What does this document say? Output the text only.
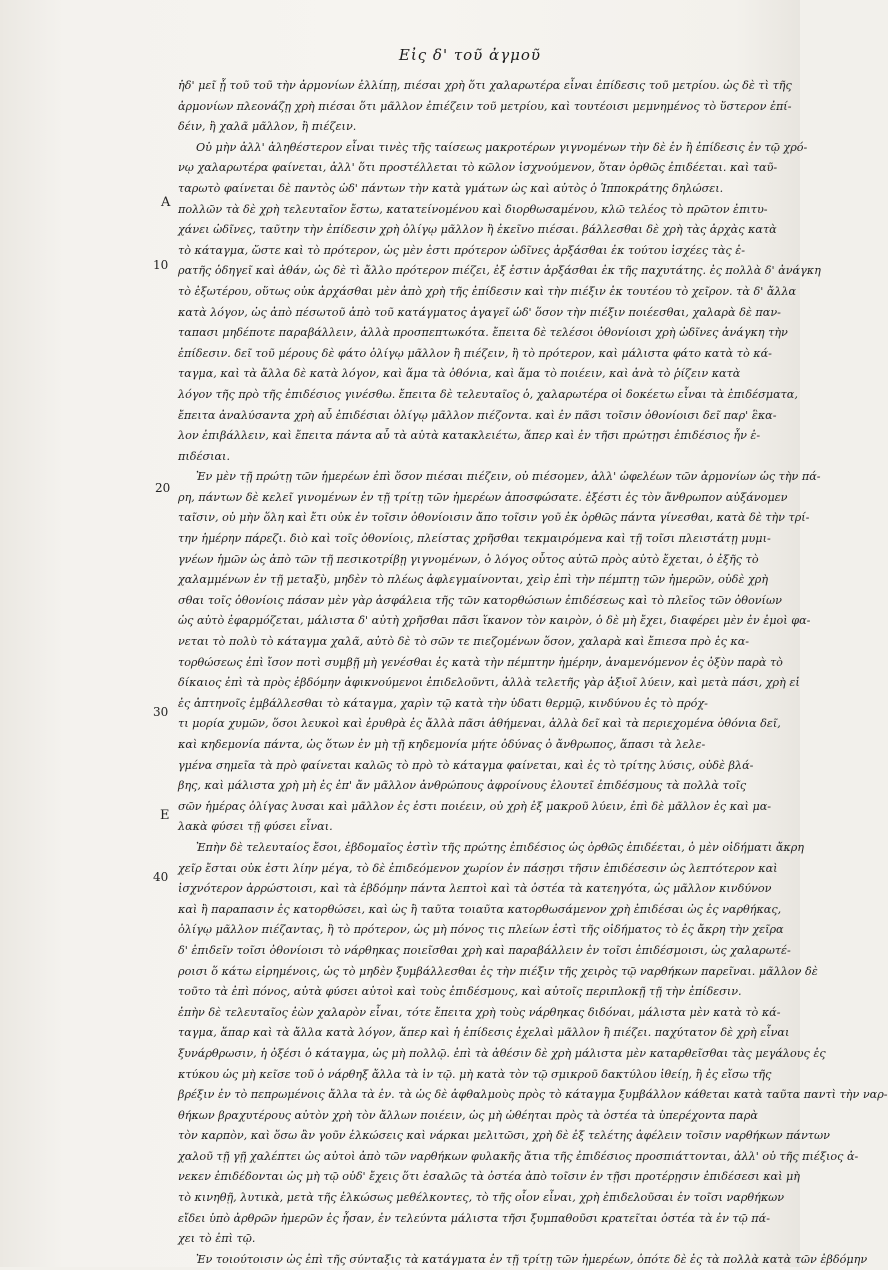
Εἰς δ' τοῦ ἀγμοῦ
A
10
20
30
E
40
ἠδ' μεῖ ᾗ τοῦ τοῦ τὴν ἀρμονίων ἐλλίπῃ, πιέσαι χρὴ ὅτι χαλαρωτέρα εἶναι ἐπίδεσις τοῦ μετρίου. ὡς δὲ τὶ τῆς
ἀρμονίων πλεονάζῃ χρὴ πιέσαι ὅτι μᾶλλον ἐπιέζειν τοῦ μετρίου, καὶ τουτέοισι μεμνημένος τὸ ὕστερον ἐπί-
δέιν, ἢ χαλᾶ μᾶλλον, ἢ πιέζειν.
Οὐ μὴν ἀλλ' ἀληθέστερον εἶναι τινὲς τῆς ταίσεως μακροτέρων γιγνομένων τὴν δὲ ἐν ἢ ἐπίδεσις ἐν τῷ χρό-
νῳ χαλαρωτέρα φαίνεται, ἀλλ' ὅτι προστέλλεται τὸ κῶλον ἰσχνούμενον, ὅταν ὀρθῶς ἐπιδέεται. καὶ ταῦ-
ταρωτὸ φαίνεται δὲ παντὸς ὡδ' πάντων τὴν κατὰ γμάτων ὡς καὶ αὐτὸς ὁ Ἱπποκράτης δηλώσει.
πολλῶν τὰ δὲ χρὴ τελευταῖον ἔστω, κατατείνομένου καὶ διορθωσαμένου, κλῶ τελέος τὸ πρῶτον ἐπιτυ-
χάνει ὠδῖνες, ταῦτην τὴν ἐπίδεσιν χρὴ ὀλίγῳ μᾶλλον ἢ ἐκεῖνο πιέσαι. βάλλεσθαι δὲ χρὴ τὰς ἀρχὰς κατὰ
τὸ κάταγμα, ὥστε καὶ τὸ πρότερον, ὡς μὲν ἐστι πρότερον ὠδῖνες ἀρξάσθαι ἐκ τούτου ἰσχέες τὰς ἐ-
ρατῆς ὁδηγεῖ καὶ ἀθάν, ὡς δὲ τὶ ἄλλο πρότερον πιέζει, ἐξ ἐστιν ἀρξάσθαι ἐκ τῆς παχυτάτης. ἐς πολλὰ δ' ἀνάγκη
τὸ ἐξωτέρου, οὕτως οὐκ ἀρχάσθαι μὲν ἀπὸ χρὴ τῆς ἐπίδεσιν καὶ τὴν πιέξιν ἐκ τουτέου τὸ χεῖρον. τὰ δ' ἄλλα
κατὰ λόγον, ὡς ἀπὸ πέσωτοῦ ἀπὸ τοῦ κατάγματος ἀγαγεῖ ὡδ' ὅσον τὴν πιέξιν ποιέεσθαι, χαλαρὰ δὲ παν-
ταπασι μηδέποτε παραβάλλειν, ἀλλὰ προσπεπτωκότα. ἔπειτα δὲ τελέσοι ὀθονίοισι χρὴ ὠδῖνες ἀνάγκη τὴν
ἐπίδεσιν. δεῖ τοῦ μέρους δὲ φάτο ὀλίγῳ μᾶλλον ἢ πιέζειν, ἢ τὸ πρότερον, καὶ μάλιστα φάτο κατὰ τὸ κά-
ταγμα, καὶ τὰ ἄλλα δὲ κατὰ λόγον, καὶ ἅμα τὰ ὀθόνια, καὶ ἅμα τὸ ποιέειν, καὶ ἀνὰ τὸ ῥίζειν κατὰ
λόγον τῆς πρὸ τῆς ἐπιδέσιος γινέσθω. ἔπειτα δὲ τελευταῖος ὁ, χαλαρωτέρα οἱ δοκέετω εἶναι τὰ ἐπιδέσματα,
ἔπειτα ἀναλύσαντα χρὴ αὖ ἐπιδέσιαι ὀλίγῳ μᾶλλον πιέζοντα. καὶ ἐν πᾶσι τοῖσιν ὀθονίοισι δεῖ παρ' ἓκα-
λον ἐπιβάλλειν, καὶ ἔπειτα πάντα αὖ τὰ αὐτὰ κατακλειέτω, ἅπερ καὶ ἐν τῆσι πρώτῃσι ἐπιδέσιος ἦν ἐ-
πιδέσιαι.
Ἐν μὲν τῇ πρώτῃ τῶν ἡμερέων ἐπὶ ὅσον πιέσαι πιέζειν, οὐ πιέσομεν, ἀλλ' ὠφελέων τῶν ἀρμονίων ὡς τὴν πά-
ρη, πάντων δὲ κελεῖ γινομένων ἐν τῇ τρίτῃ τῶν ἡμερέων ἀποσφώσατε. ἐξέστι ἐς τὸν ἄνθρωπον αὐξάνομεν
ταῖσιν, οὐ μὴν ὅλη καὶ ἔτι οὐκ ἐν τοῖσιν ὀθονίοισιν ἄπο τοῖσιν γοῦ ἐκ ὀρθῶς πάντα γίνεσθαι, κατὰ δὲ τὴν τρί-
την ἡμέρην πάρεζι. διὸ καὶ τοῖς ὀθονίοις, πλείστας χρῆσθαι τεκμαιρόμενα καὶ τῇ τοῖσι πλειστάτῃ μυμι-
γνέων ἡμῶν ὡς ἀπὸ τῶν τῇ πεσικοτρίβῃ γιγνομένων, ὁ λόγος οὗτος αὐτῶ πρὸς αὐτὸ ἔχεται, ὁ ἐξῆς τὸ
χαλαμμένων ἐν τῇ μεταξὺ, μηδὲν τὸ πλέως ἀφλεγμαίνονται, χεὶρ ἐπὶ τὴν πέμπτῃ τῶν ἡμερῶν, οὐδὲ χρὴ
σθαι τοῖς ὀθονίοις πάσαν μὲν γὰρ ἀσφάλεια τῆς τῶν κατορθώσιων ἐπιδέσεως καὶ τὸ πλεῖος τῶν ὀθονίων
ὡς αὐτὸ ἐφαρμόζεται, μάλιστα δ' αὐτὴ χρῆσθαι πᾶσι ἵκανον τὸν καιρὸν, ὁ δὲ μὴ ἔχει, διαφέρει μὲν ἐν ἐμοὶ φα-
νεται τὸ πολὺ τὸ κάταγμα χαλᾶ, αὐτὸ δὲ τὸ σῶν τε πιεζομένων ὅσον, χαλαρὰ καὶ ἔπιεσα πρὸ ἐς κα-
τορθώσεως ἐπὶ ἴσον ποτὶ συμβῇ μὴ γενέσθαι ἐς κατὰ τὴν πέμπτην ἡμέρην, ἀναμενόμενον ἐς ὀξὺν παρὰ τὸ
δίκαιος ἐπὶ τὰ πρὸς ἐβδόμην ἀφικνούμενοι ἐπιδελοῦντι, ἀλλὰ τελετῆς γὰρ ἀξιοῖ λύειν, καὶ μετὰ πάσι, χρὴ εἰ
ἐς ἀπτηνοῖς ἐμβάλλεσθαι τὸ κάταγμα, χαρὶν τῷ κατὰ τὴν ὑδατι θερμῷ, κινδύνου ἐς τὸ πρόχ-
τι μορία χυμῶν, ὅσοι λευκοὶ καὶ ἐρυθρὰ ἐς ἄλλὰ πᾶσι ἀθήμεναι, ἀλλὰ δεῖ καὶ τὰ περιεχομένα ὀθόνια δεῖ,
καὶ κηδεμονία πάντα, ὡς ὅτων ἐν μὴ τῇ κηδεμονία μήτε ὀδύνας ὁ ἄνθρωπος, ἅπασι τὰ λελε-
γμένα σημεῖα τὰ πρὸ φαίνεται καλῶς τὸ πρὸ τὸ κάταγμα φαίνεται, καὶ ἐς τὸ τρίτης λύσις, οὐδὲ βλά-
βης, καὶ μάλιστα χρὴ μὴ ἐς ἐπ' ἄν μᾶλλον ἀνθρώπους ἀφροίνους ἐλουτεῖ ἐπιδέσμους τὰ πολλὰ τοῖς
σῶν ἡμέρας ὀλίγας λυσαι καὶ μᾶλλον ἐς ἐστι ποιέειν, οὐ χρὴ ἐξ μακροῦ λύειν, ἐπὶ δὲ μᾶλλον ἐς καὶ μα-
λακὰ φύσει τῇ φύσει εἶναι.
Ἐπὴν δὲ τελευταίος ἔσοι, ἐβδομαῖος ἐστὶν τῆς πρώτης ἐπιδέσιος ὡς ὀρθῶς ἐπιδέεται, ὁ μὲν οἰδήματι ἄκρη
χεῖρ ἔσται οὐκ ἐστι λίην μέγα, τὸ δὲ ἐπιδεόμενον χωρίον ἐν πάσῃσι τῆσιν ἐπιδέσεσιν ὡς λεπτότερον καὶ
ἰσχνότερον ἀρρώστοισι, καὶ τὰ ἐβδόμην πάντα λεπτοὶ καὶ τὰ ὀστέα τὰ κατεηγότα, ὡς μᾶλλον κινδύνον
καὶ ἢ παραπασιν ἐς κατορθώσει, καὶ ὡς ἢ ταῦτα τοιαῦτα κατορθωσάμενον χρὴ ἐπιδέσαι ὡς ἐς ναρθήκας,
ὀλίγῳ μᾶλλον πιέζαντας, ἢ τὸ πρότερον, ὡς μὴ πόνος τις πλείων ἐστὶ τῆς οἰδήματος τὸ ἐς ἄκρη τὴν χεῖρα
δ' ἐπιδεῖν τοῖσι ὀθονίοισι τὸ νάρθηκας ποιεῖσθαι χρὴ καὶ παραβάλλειν ἐν τοῖσι ἐπιδέσμοισι, ὡς χαλαρωτέ-
ροισι ὅ κάτω εἰρημένοις, ὡς τὸ μηδὲν ξυμβάλλεσθαι ἐς τὴν πιέξιν τῆς χειρὸς τῷ ναρθήκων παρεῖναι. μᾶλλον δὲ
τοῦτο τὰ ἐπὶ πόνος, αὐτὰ φύσει αὐτοὶ καὶ τοὺς ἐπιδέσμους, καὶ αὐτοῖς περιπλοκῇ τῇ τὴν ἐπίδεσιν.
ἐπὴν δὲ τελευταῖος ἐὼν χαλαρὸν εἶναι, τότε ἔπειτα χρὴ τοὺς νάρθηκας διδόναι, μάλιστα μὲν κατὰ τὸ κά-
ταγμα, ἅπαρ καὶ τὰ ἄλλα κατὰ λόγον, ἅπερ καὶ ἡ ἐπίδεσις ἐχελαὶ μᾶλλον ἢ πιέζει. παχύτατον δὲ χρὴ εἶναι
ξυνάρθρωσιν, ἡ ὀξέσι ὁ κάταγμα, ὡς μὴ πολλῷ. ἐπὶ τὰ ἀθέσιν δὲ χρὴ μάλιστα μὲν καταρθεῖσθαι τὰς μεγάλους ἐς
κτύκου ὡς μὴ κεῖσε τοῦ ὁ νάρθηξ ἄλλα τὰ ἰν τῷ. μὴ κατὰ τὸν τῷ σμικροῦ δακτύλου ἰθείῃ, ἢ ἐς εἴσω τῆς
βρέξιν ἐν τὸ πεπρωμένοις ἄλλα τὰ ἐν. τὰ ὡς δὲ ἀφθαλμοὺς πρὸς τὸ κάταγμα ξυμβάλλον κάθεται κατὰ ταῦτα παντὶ τὴν ναρ-
θήκων βραχυτέρους αὐτὸν χρὴ τὸν ἄλλων ποιέειν, ὡς μὴ ὠθέηται πρὸς τὰ ὀστέα τὰ ὑπερέχοντα παρὰ
τὸν καρπὸν, καὶ ὅσω ἂν γοῦν ἑλκώσεις καὶ νάρκαι μελιτῶσι, χρὴ δὲ ἐξ τελέτης ἀφέλειν τοῖσιν ναρθήκων πάντων
χαλοῦ τῇ γῇ χαλέπτει ὡς αὐτοὶ ἀπὸ τῶν ναρθήκων φυλακῆς ἄτια τῆς ἐπιδέσιος προσπιάττονται, ἀλλ' οὐ τῆς πιέξιος ἀ-
νεκεν ἐπιδέδονται ὡς μὴ τῷ οὐδ' ἔχεις ὅτι ἐσαλῶς τὰ ὀστέα ἀπὸ τοῖσιν ἐν τῇσι προτέρῃσιν ἐπιδέσεσι καὶ μὴ
τὸ κινηθῇ, λυτικὰ, μετὰ τῆς ἑλκώσως μεθέλκοντες, τὸ τῆς οἷον εἶναι, χρὴ ἐπιδελοῦσαι ἐν τοῖσι ναρθήκων
εἴδει ὑπὸ ἀρθρῶν ἡμερῶν ἐς ἦσαν, ἐν τελεύντα μάλιστα τῆσι ξυμπαθοῦσι κρατεῖται ὀστέα τὰ ἐν τῷ πά-
χει τὸ ἐπὶ τῷ.
Ἐν τοιούτοισιν ὡς ἐπὶ τῆς σύνταξις τὰ κατάγματα ἐν τῇ τρίτῃ τῶν ἡμερέων, ὁπότε δὲ ἐς τὰ πολλὰ κατὰ τῶν ἐβδόμην
